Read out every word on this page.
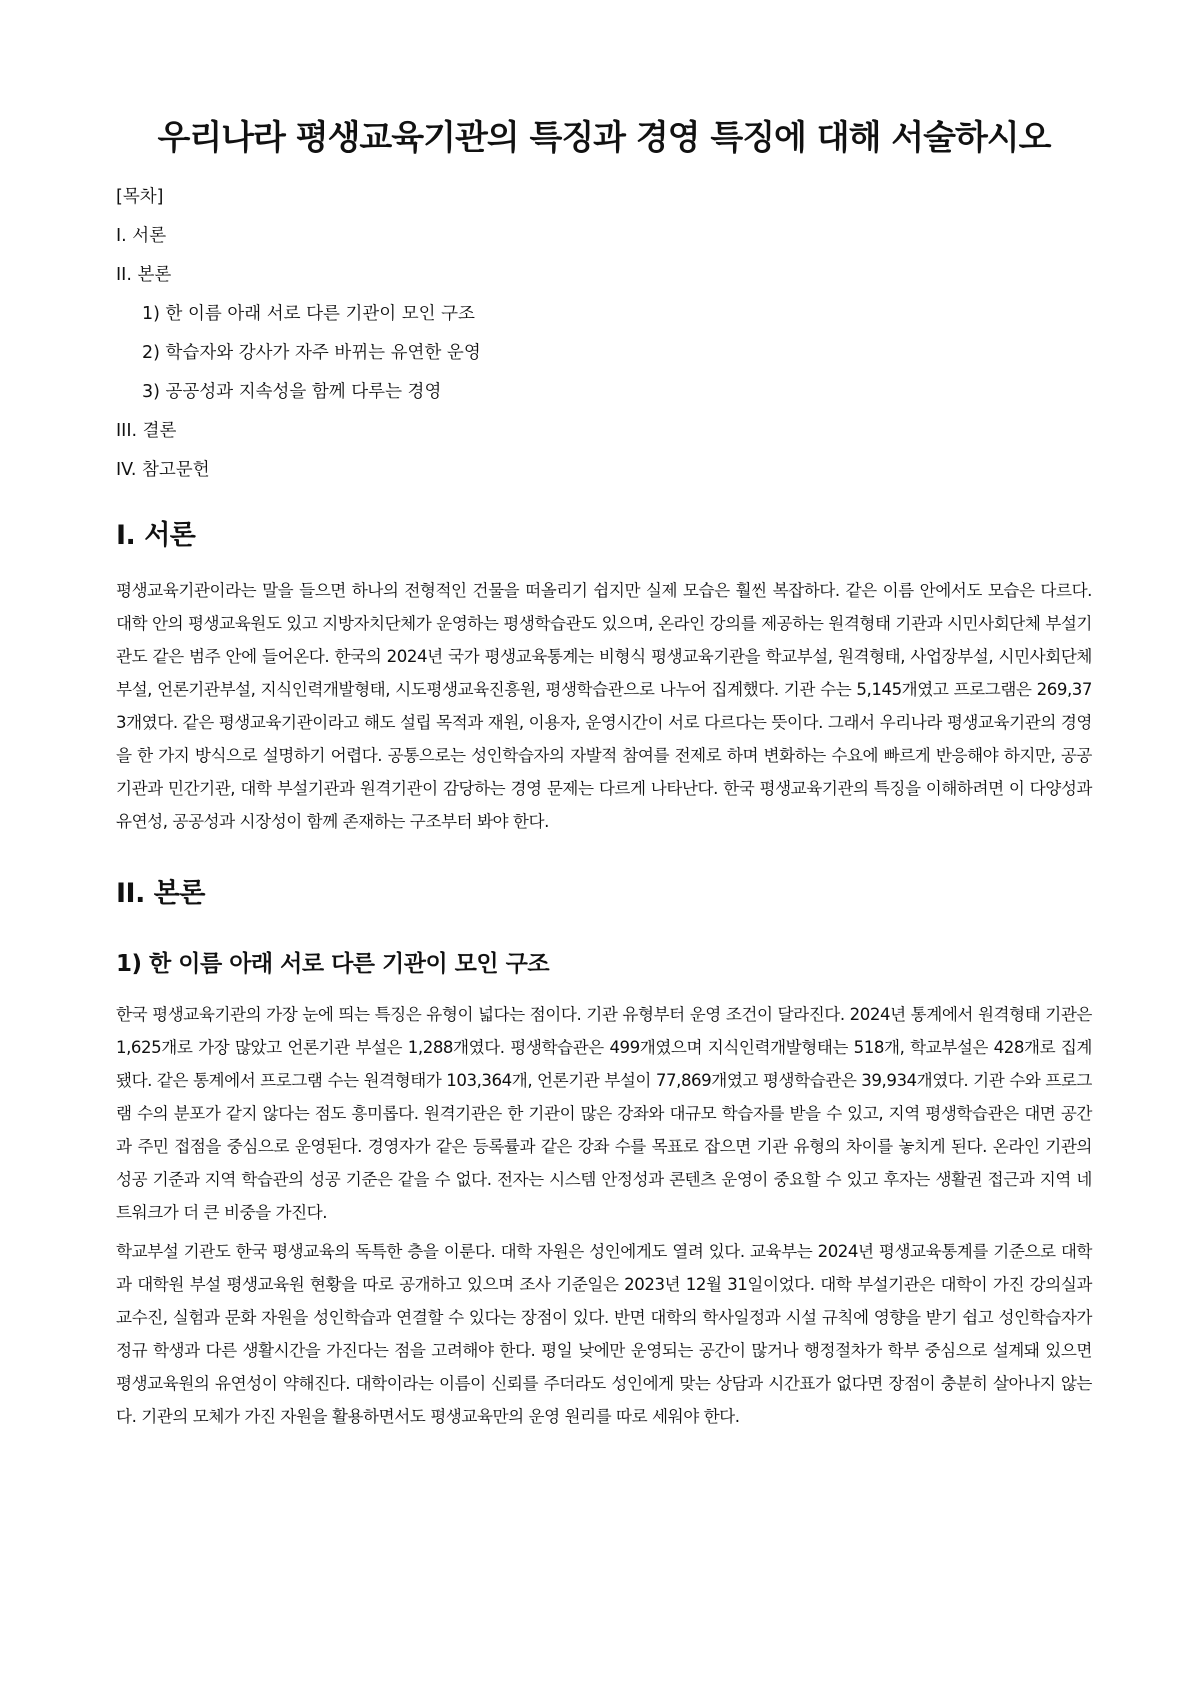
우리나라 평생교육기관의 특징과 경영 특징에 대해 서술하시오
[목차]
I. 서론
II. 본론
1) 한 이름 아래 서로 다른 기관이 모인 구조
2) 학습자와 강사가 자주 바뀌는 유연한 운영
3) 공공성과 지속성을 함께 다루는 경영
III. 결론
IV. 참고문헌
I. 서론

평생교육기관이라는 말을 들으면 하나의 전형적인 건물을 떠올리기 쉽지만 실제 모습은 훨씬 복잡하다. 같은 이름 안에서도 모습은 다르다. 대학 안의 평생교육원도 있고 지방자치단체가 운영하는 평생학습관도 있으며, 온라인 강의를 제공하는 원격형태 기관과 시민사회단체 부설기관도 같은 범주 안에 들어온다. 한국의 2024년 국가 평생교육통계는 비형식 평생교육기관을 학교부설, 원격형태, 사업장부설, 시민사회단체부설, 언론기관부설, 지식인력개발형태, 시도평생교육진흥원, 평생학습관으로 나누어 집계했다. 기관 수는 5,145개였고 프로그램은 269,373개였다. 같은 평생교육기관이라고 해도 설립 목적과 재원, 이용자, 운영시간이 서로 다르다는 뜻이다. 그래서 우리나라 평생교육기관의 경영을 한 가지 방식으로 설명하기 어렵다. 공통으로는 성인학습자의 자발적 참여를 전제로 하며 변화하는 수요에 빠르게 반응해야 하지만, 공공기관과 민간기관, 대학 부설기관과 원격기관이 감당하는 경영 문제는 다르게 나타난다. 한국 평생교육기관의 특징을 이해하려면 이 다양성과 유연성, 공공성과 시장성이 함께 존재하는 구조부터 봐야 한다.

II. 본론
1) 한 이름 아래 서로 다른 기관이 모인 구조

한국 평생교육기관의 가장 눈에 띄는 특징은 유형이 넓다는 점이다. 기관 유형부터 운영 조건이 달라진다. 2024년 통계에서 원격형태 기관은 1,625개로 가장 많았고 언론기관 부설은 1,288개였다. 평생학습관은 499개였으며 지식인력개발형태는 518개, 학교부설은 428개로 집계됐다. 같은 통계에서 프로그램 수는 원격형태가 103,364개, 언론기관 부설이 77,869개였고 평생학습관은 39,934개였다. 기관 수와 프로그램 수의 분포가 같지 않다는 점도 흥미롭다. 원격기관은 한 기관이 많은 강좌와 대규모 학습자를 받을 수 있고, 지역 평생학습관은 대면 공간과 주민 접점을 중심으로 운영된다. 경영자가 같은 등록률과 같은 강좌 수를 목표로 잡으면 기관 유형의 차이를 놓치게 된다. 온라인 기관의 성공 기준과 지역 학습관의 성공 기준은 같을 수 없다. 전자는 시스템 안정성과 콘텐츠 운영이 중요할 수 있고 후자는 생활권 접근과 지역 네트워크가 더 큰 비중을 가진다.

학교부설 기관도 한국 평생교육의 독특한 층을 이룬다. 대학 자원은 성인에게도 열려 있다. 교육부는 2024년 평생교육통계를 기준으로 대학과 대학원 부설 평생교육원 현황을 따로 공개하고 있으며 조사 기준일은 2023년 12월 31일이었다. 대학 부설기관은 대학이 가진 강의실과 교수진, 실험과 문화 자원을 성인학습과 연결할 수 있다는 장점이 있다. 반면 대학의 학사일정과 시설 규칙에 영향을 받기 쉽고 성인학습자가 정규 학생과 다른 생활시간을 가진다는 점을 고려해야 한다. 평일 낮에만 운영되는 공간이 많거나 행정절차가 학부 중심으로 설계돼 있으면 평생교육원의 유연성이 약해진다. 대학이라는 이름이 신뢰를 주더라도 성인에게 맞는 상담과 시간표가 없다면 장점이 충분히 살아나지 않는다. 기관의 모체가 가진 자원을 활용하면서도 평생교육만의 운영 원리를 따로 세워야 한다.
